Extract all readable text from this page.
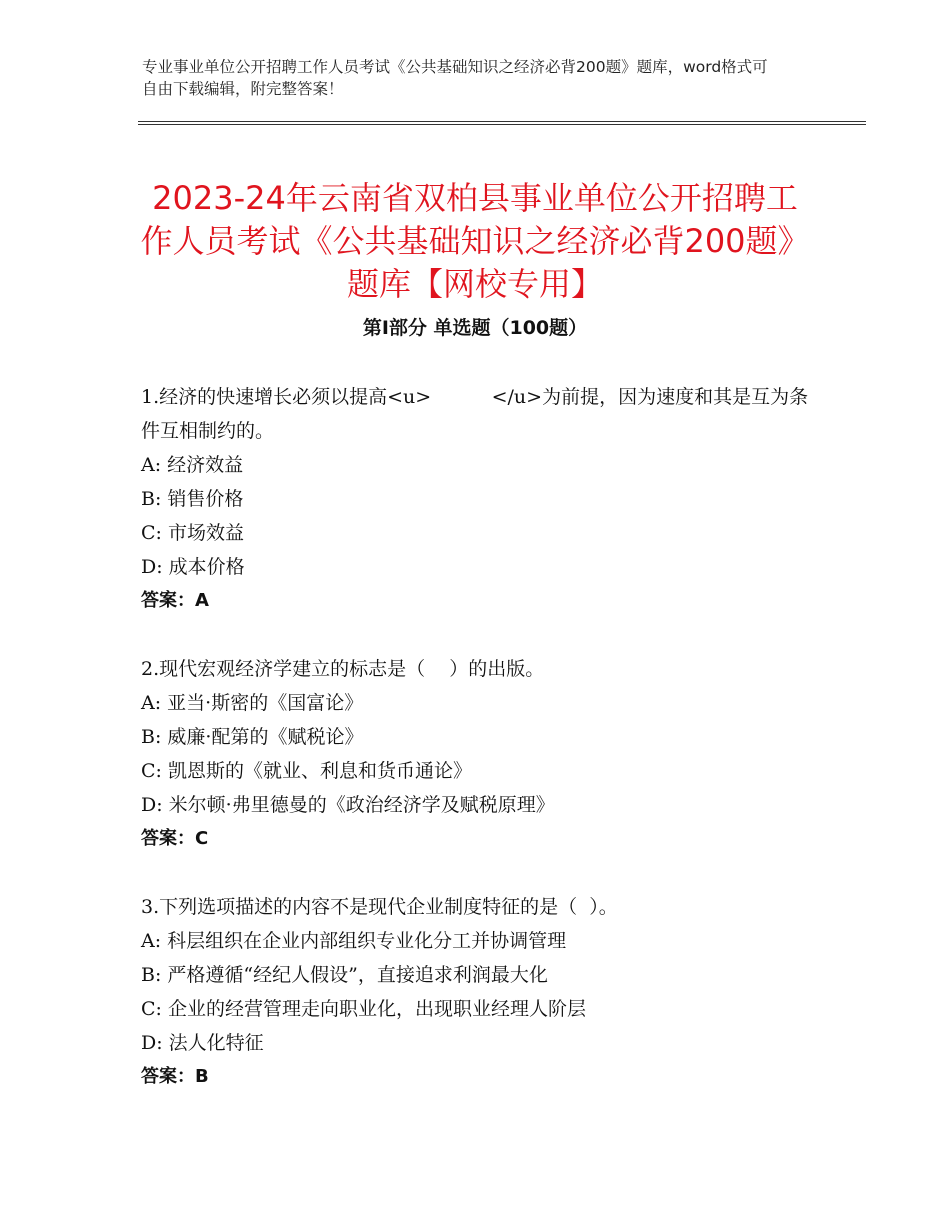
专业事业单位公开招聘工作人员考试《公共基础知识之经济必背200题》题库，word格式可自由下载编辑，附完整答案！
2023-24年云南省双柏县事业单位公开招聘工作人员考试《公共基础知识之经济必背200题》题库【网校专用】
第Ⅰ部分 单选题（100题）

1.经济的快速增长必须以提高<u>          </u>为前提，因为速度和其是互为条件互相制约的。

A: 经济效益

B: 销售价格

C: 市场效益

D: 成本价格

答案：A

2.现代宏观经济学建立的标志是（    ）的出版。

A: 亚当·斯密的《国富论》

B: 威廉·配第的《赋税论》

C: 凯恩斯的《就业、利息和货币通论》

D: 米尔顿·弗里德曼的《政治经济学及赋税原理》

答案：C

3.下列选项描述的内容不是现代企业制度特征的是（  ）。

A: 科层组织在企业内部组织专业化分工并协调管理

B: 严格遵循“经纪人假设”，直接追求利润最大化

C: 企业的经营管理走向职业化，出现职业经理人阶层

D: 法人化特征

答案：B
